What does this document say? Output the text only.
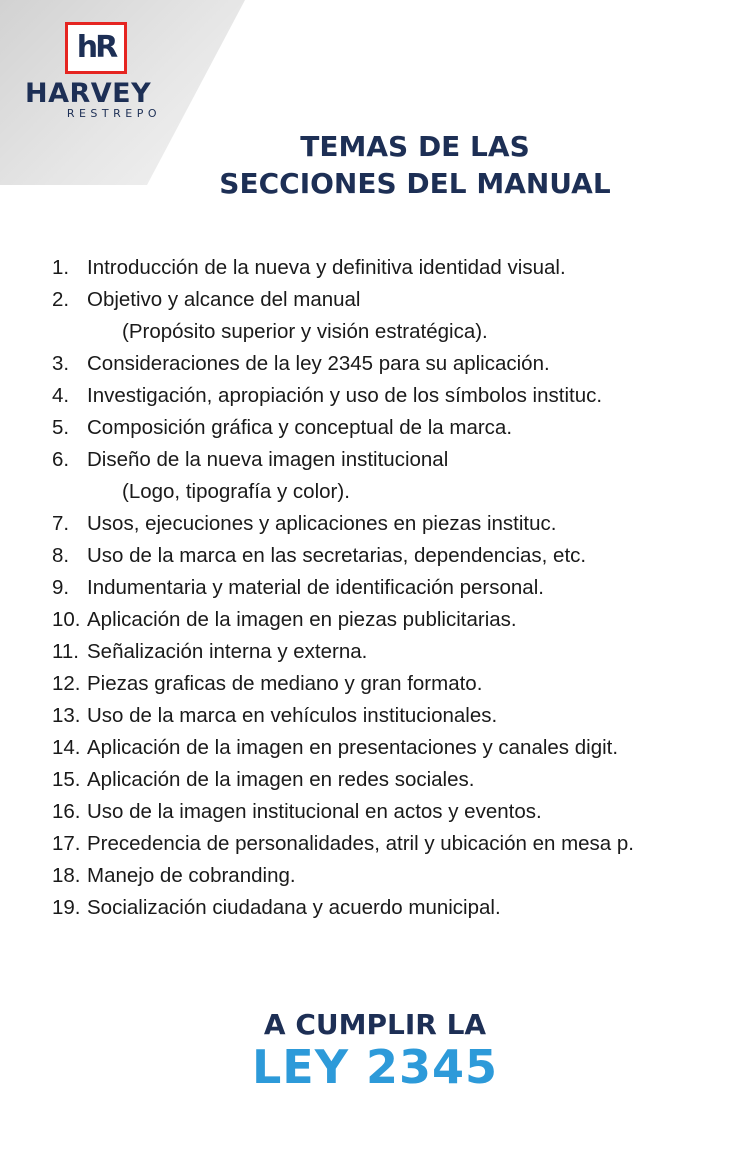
hR
HARVEY
RESTREPO
TEMAS DE LAS
SECCIONES DEL MANUAL
1. Introducción de la nueva y definitiva identidad visual.
2. Objetivo y alcance del manual
(Propósito superior y visión estratégica).
3. Consideraciones de la ley 2345 para su aplicación.
4. Investigación, apropiación y uso de los símbolos instituc.
5. Composición gráfica y conceptual de la marca.
6. Diseño de la nueva imagen institucional
(Logo, tipografía y color).
7. Usos, ejecuciones y aplicaciones en piezas instituc.
8. Uso de la marca en las secretarias, dependencias, etc.
9. Indumentaria y material de identificación personal.
10. Aplicación de la imagen en piezas publicitarias.
11. Señalización interna y externa.
12. Piezas graficas de mediano y gran formato.
13. Uso de la marca en vehículos institucionales.
14. Aplicación de la imagen en presentaciones y canales digit.
15. Aplicación de la imagen en redes sociales.
16. Uso de la imagen institucional en actos y eventos.
17. Precedencia de personalidades, atril y ubicación en mesa p.
18. Manejo de cobranding.
19. Socialización ciudadana y acuerdo municipal.
A CUMPLIR LA
LEY 2345
